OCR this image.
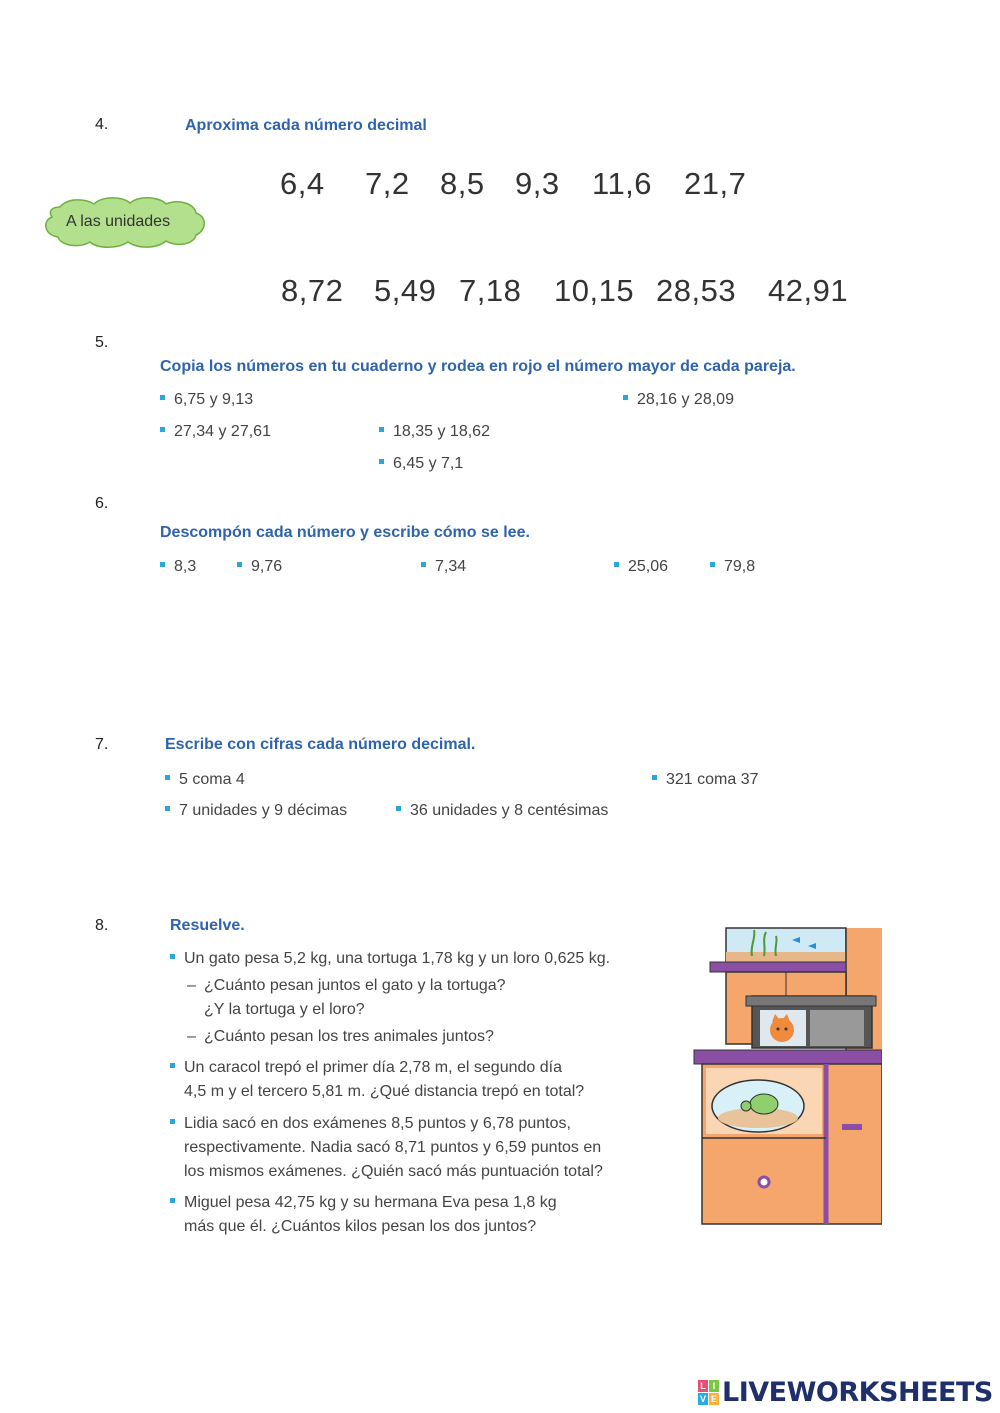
4.	Aproxima cada número decimal
A las unidades
6,4 7,2 8,5 9,3 11,6 21,7
8,72 5,49 7,18 10,15 28,53 42,91
5.
Copia los números en tu cuaderno y rodea en rojo el número mayor de cada pareja.
6,75 y 9,13	28,16 y 28,09
27,34 y 27,61	18,35 y 18,62
6,45 y 7,1
6.
Descompón cada número y escribe cómo se lee.
8,3	9,76	7,34	25,06	79,8
7.	Escribe con cifras cada número decimal.
5 coma 4	321 coma 37
7 unidades y 9 décimas	36 unidades y 8 centésimas
8.	Resuelve.
Un gato pesa 5,2 kg, una tortuga 1,78 kg y un loro 0,625 kg.
– ¿Cuánto pesan juntos el gato y la tortuga?
¿Y la tortuga y el loro?
– ¿Cuánto pesan los tres animales juntos?
Un caracol trepó el primer día 2,78 m, el segundo día
4,5 m y el tercero 5,81 m. ¿Qué distancia trepó en total?
Lidia sacó en dos exámenes 8,5 puntos y 6,78 puntos,
respectivamente. Nadia sacó 8,71 puntos y 6,59 puntos en
los mismos exámenes. ¿Quién sacó más puntuación total?
Miguel pesa 42,75 kg y su hermana Eva pesa 1,8 kg
más que él. ¿Cuántos kilos pesan los dos juntos?
L I
V E LIVEWORKSHEETS
